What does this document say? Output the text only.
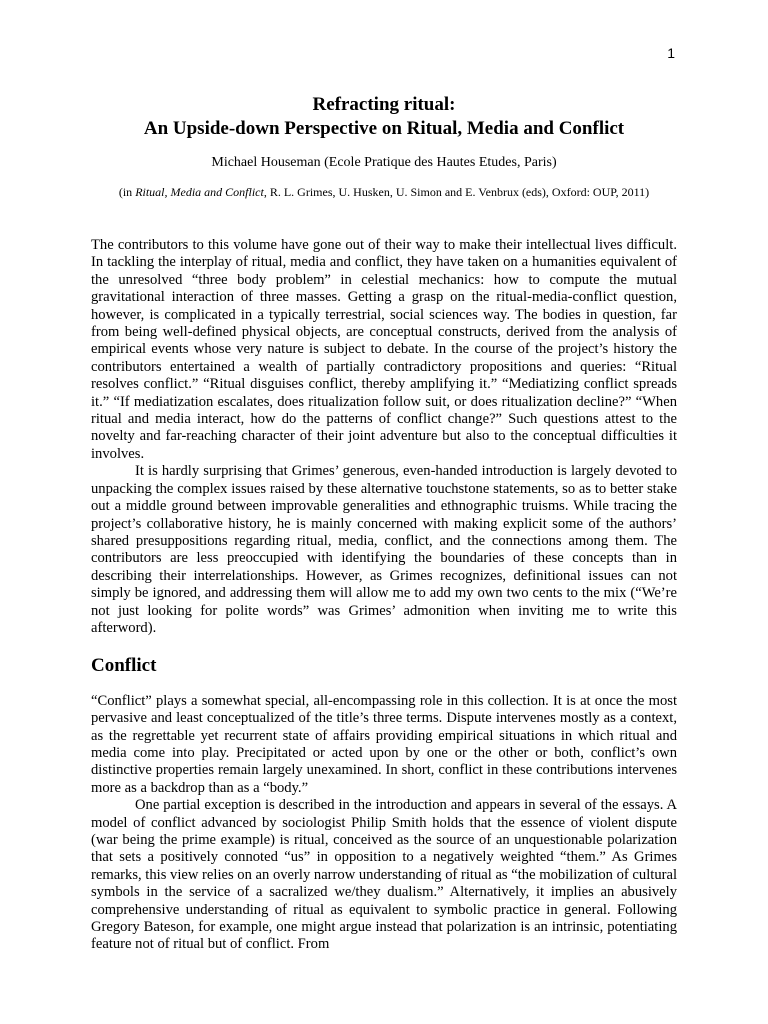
1

Refracting ritual:
An Upside-down Perspective on Ritual, Media and Conflict

Michael Houseman (Ecole Pratique des Hautes Etudes, Paris)

(in Ritual, Media and Conflict, R. L. Grimes, U. Husken, U. Simon and E. Venbrux (eds), Oxford: OUP, 2011)

The contributors to this volume have gone out of their way to make their intellectual lives difficult. In tackling the interplay of ritual, media and conflict, they have taken on a humanities equivalent of the unresolved “three body problem” in celestial mechanics: how to compute the mutual gravitational interaction of three masses. Getting a grasp on the ritual-media-conflict question, however, is complicated in a typically terrestrial, social sciences way. The bodies in question, far from being well-defined physical objects, are conceptual constructs, derived from the analysis of empirical events whose very nature is subject to debate. In the course of the project’s history the contributors entertained a wealth of partially contradictory propositions and queries: “Ritual resolves conflict.” “Ritual disguises conflict, thereby amplifying it.” “Mediatizing conflict spreads it.” “If mediatization escalates, does ritualization follow suit, or does ritualization decline?” “When ritual and media interact, how do the patterns of conflict change?” Such questions attest to the novelty and far-reaching character of their joint adventure but also to the conceptual difficulties it involves.

It is hardly surprising that Grimes’ generous, even-handed introduction is largely devoted to unpacking the complex issues raised by these alternative touchstone statements, so as to better stake out a middle ground between improvable generalities and ethnographic truisms. While tracing the project’s collaborative history, he is mainly concerned with making explicit some of the authors’ shared presuppositions regarding ritual, media, conflict, and the connections among them. The contributors are less preoccupied with identifying the boundaries of these concepts than in describing their interrelationships. However, as Grimes recognizes, definitional issues can not simply be ignored, and addressing them will allow me to add my own two cents to the mix (“We’re not just looking for polite words” was Grimes’ admonition when inviting me to write this afterword).

Conflict

“Conflict” plays a somewhat special, all-encompassing role in this collection. It is at once the most pervasive and least conceptualized of the title’s three terms. Dispute intervenes mostly as a context, as the regrettable yet recurrent state of affairs providing empirical situations in which ritual and media come into play. Precipitated or acted upon by one or the other or both, conflict’s own distinctive properties remain largely unexamined. In short, conflict in these contributions intervenes more as a backdrop than as a “body.”

One partial exception is described in the introduction and appears in several of the essays. A model of conflict advanced by sociologist Philip Smith holds that the essence of violent dispute (war being the prime example) is ritual, conceived as the source of an unquestionable polarization that sets a positively connoted “us” in opposition to a negatively weighted “them.” As Grimes remarks, this view relies on an overly narrow understanding of ritual as “the mobilization of cultural symbols in the service of a sacralized we/they dualism.” Alternatively, it implies an abusively comprehensive understanding of ritual as equivalent to symbolic practice in general. Following Gregory Bateson, for example, one might argue instead that polarization is an intrinsic, potentiating feature not of ritual but of conflict. From
